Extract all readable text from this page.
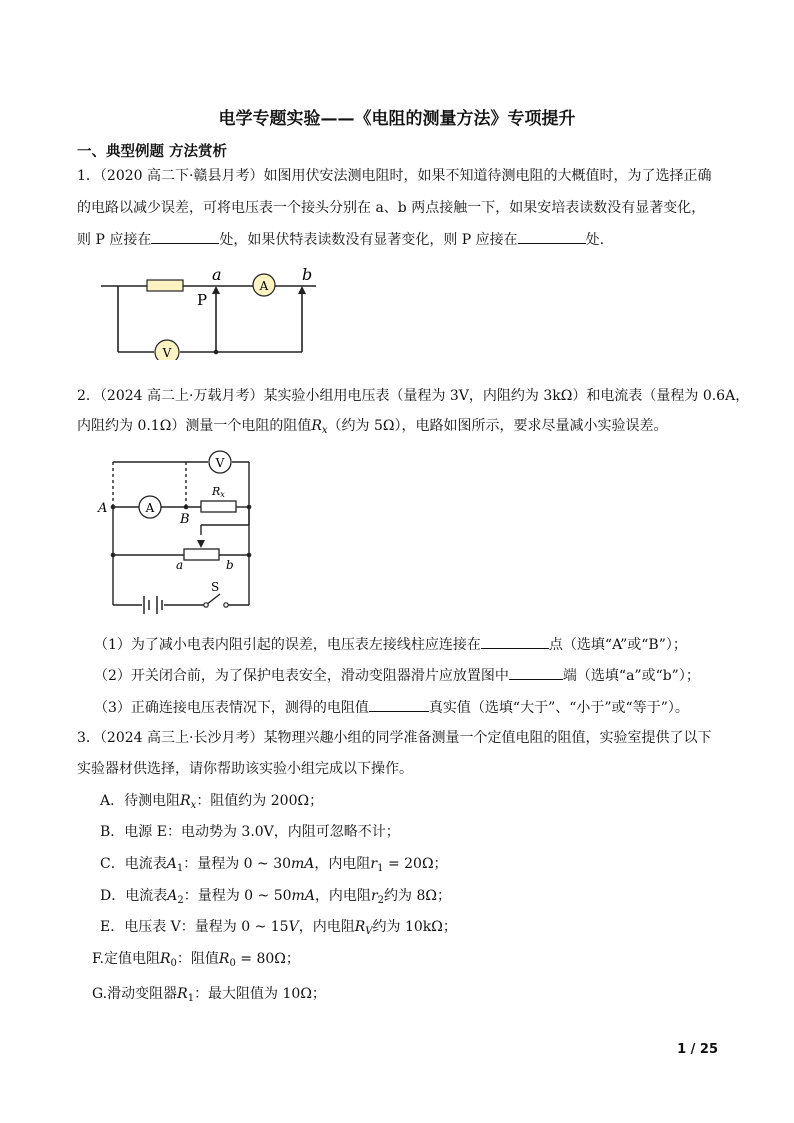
电学专题实验——《电阻的测量方法》专项提升
一、典型例题 方法赏析
1．（2020 高二下·赣县月考）如图用伏安法测电阻时，如果不知道待测电阻的大概值时，为了选择正确
的电路以减少误差，可将电压表一个接头分别在 a、b 两点接触一下，如果安培表读数没有显著变化，
则 P 应接在	处，如果伏特表读数没有显著变化，则 P 应接在	处.
A
V
a	b
P
2．（2024 高二上·万载月考）某实验小组用电压表（量程为 3V，内阻约为 3kΩ）和电流表（量程为 0.6A，
内阻约为 0.1Ω）测量一个电阻的阻值$R_x$（约为 5Ω），电路如图所示，要求尽量减小实验误差。
V
A
Rx
A
B
a	b
S
（1）为了减小电表内阻引起的误差，电压表左接线柱应连接在	点（选填“A”或“B”）；
（2）开关闭合前，为了保护电表安全，滑动变阻器滑片应放置图中	端（选填“a”或“b”）；
（3）正确连接电压表情况下，测得的电阻值	真实值（选填“大于”、“小于”或“等于”）。
3．（2024 高三上·长沙月考）某物理兴趣小组的同学准备测量一个定值电阻的阻值，实验室提供了以下
实验器材供选择，请你帮助该实验小组完成以下操作。
A．待测电阻$R_x$：阻值约为 200Ω；
B．电源 E：电动势为 3.0V，内阻可忽略不计；
C．电流表$A_1$：量程为 0 ~ 30mA，内电阻$r_1 = 20\Omega$；
D．电流表$A_2$：量程为 0 ~ 50mA，内电阻$r_2$约为 8Ω；
E．电压表 V：量程为 0 ~ 15V，内电阻$R_V$约为 10kΩ；
F.定值电阻$R_0$：阻值$R_0 = 80\Omega$；
G.滑动变阻器$R_1$：最大阻值为 10Ω；
1 / 25
